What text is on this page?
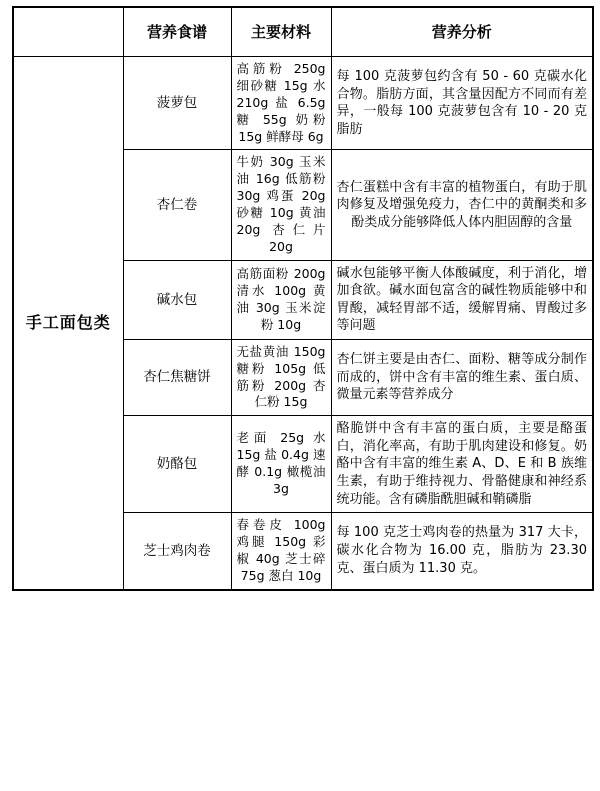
	营养食谱	主要材料	营养分析
手工面包类	菠萝包	高筋粉 250g 细砂糖 15g 水 210g 盐 6.5g 糖 55g 奶粉 15g 鲜酵母 6g	每 100 克菠萝包约含有 50 - 60 克碳水化合物。脂肪方面，其含量因配方不同而有差异，一般每 100 克菠萝包含有 10 - 20 克脂肪
	杏仁卷	牛奶 30g 玉米油 16g 低筋粉 30g 鸡蛋 20g 砂糖 10g 黄油 20g 杏仁片 20g	杏仁蛋糕中含有丰富的植物蛋白，有助于肌肉修复及增强免疫力，杏仁中的黄酮类和多酚类成分能够降低人体内胆固醇的含量
	碱水包	高筋面粉 200g 清水 100g 黄油 30g 玉米淀粉 10g	碱水包能够平衡人体酸碱度，利于消化，增加食欲。碱水面包富含的碱性物质能够中和胃酸，减轻胃部不适，缓解胃痛、胃酸过多等问题
	杏仁焦糖饼	无盐黄油 150g 糖粉 105g 低筋粉 200g 杏仁粉 15g	杏仁饼主要是由杏仁、面粉、糖等成分制作而成的，饼中含有丰富的维生素、蛋白质、微量元素等营养成分
	奶酪包	老面 25g 水 15g 盐 0.4g 速酵 0.1g 橄榄油 3g	酪脆饼中含有丰富的蛋白质，主要是酪蛋白，消化率高，有助于肌肉建设和修复。奶酪中含有丰富的维生素 A、D、E 和 B 族维生素，有助于维持视力、骨骼健康和神经系统功能。含有磷脂酰胆碱和鞘磷脂
	芝士鸡肉卷	春卷皮 100g 鸡腿 150g 彩椒 40g 芝士碎 75g 葱白 10g	每 100 克芝士鸡肉卷的热量为 317 大卡，碳水化合物为 16.00 克，脂肪为 23.30 克、蛋白质为 11.30 克。
